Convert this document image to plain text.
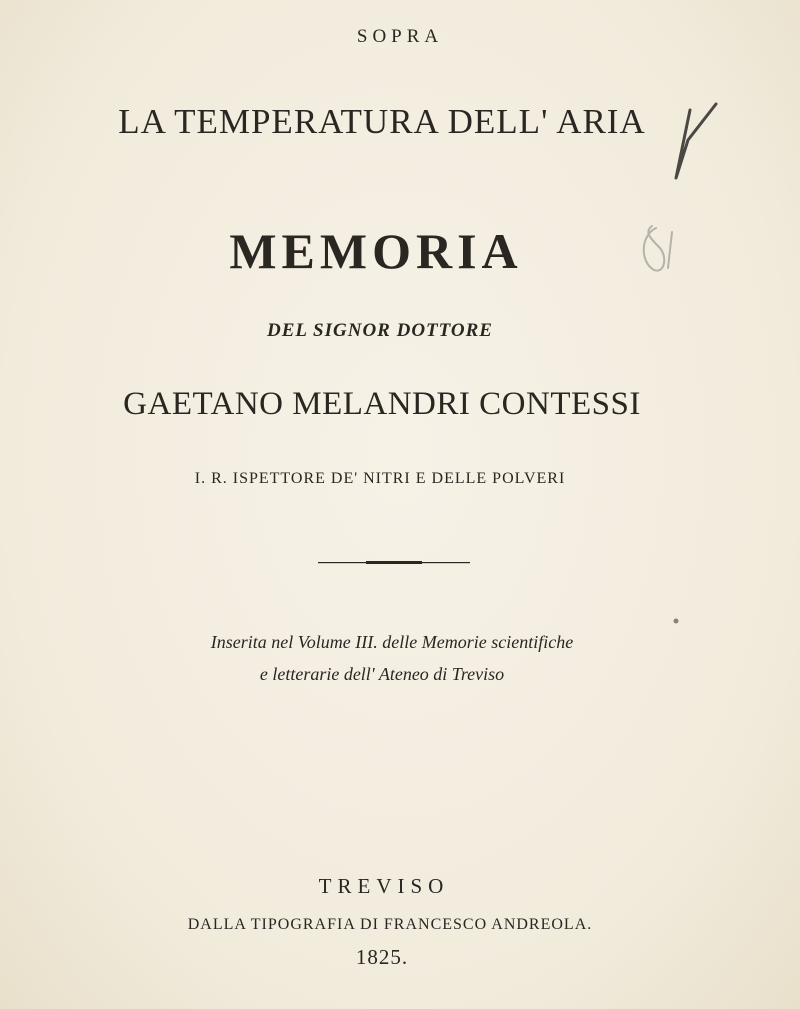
SOPRA
LA TEMPERATURA DELL' ARIA
MEMORIA
DEL SIGNOR DOTTORE
GAETANO MELANDRI CONTESSI
I. R. ISPETTORE DE' NITRI E DELLE POLVERI
Inserita nel Volume III. delle Memorie scientifiche
e letterarie dell' Ateneo di Treviso
TREVISO
DALLA TIPOGRAFIA DI FRANCESCO ANDREOLA.
1825.
